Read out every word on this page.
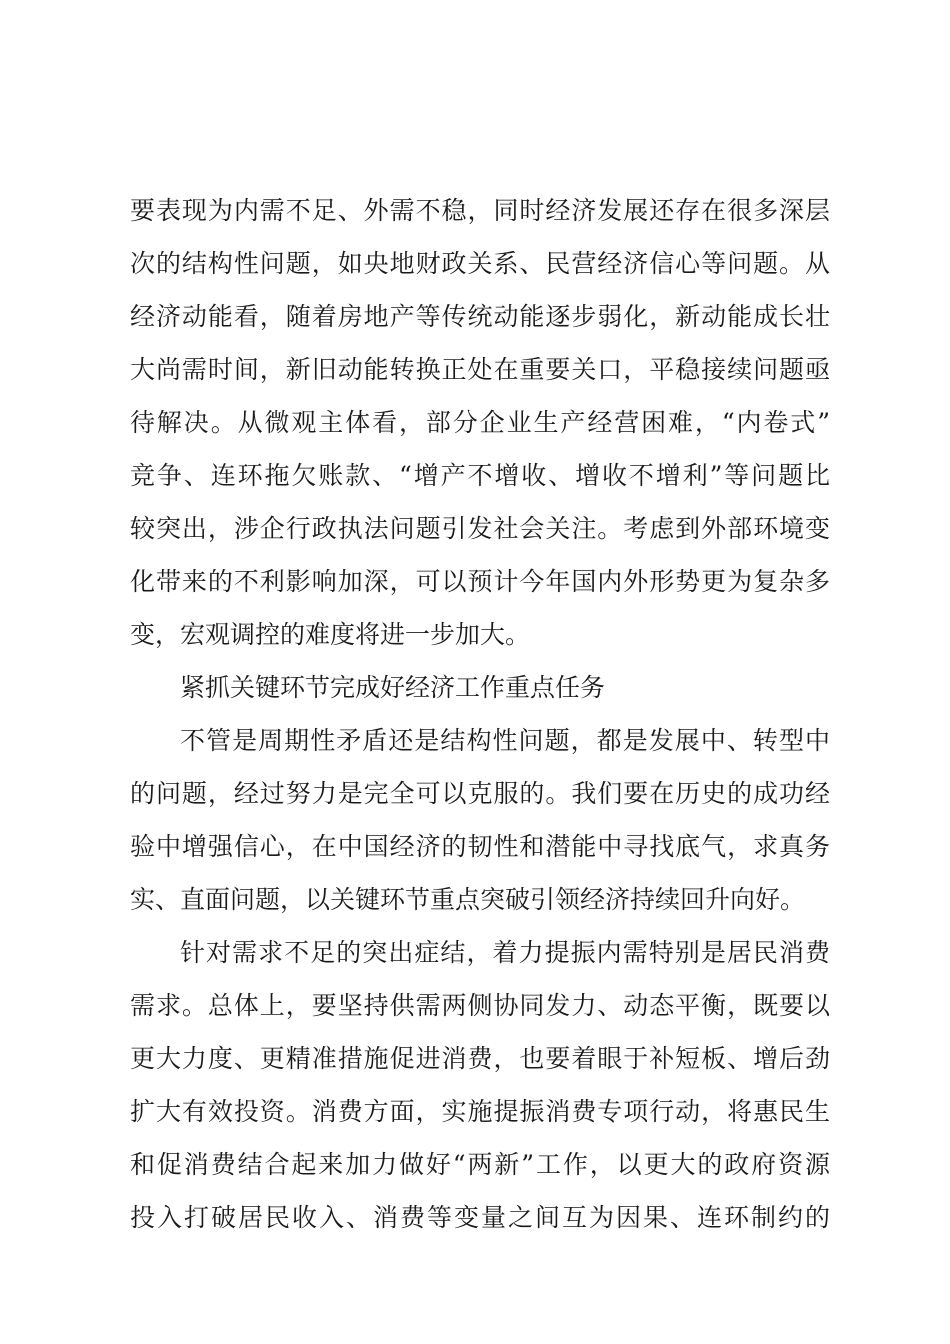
要表现为内需不足、外需不稳，同时经济发展还存在很多深层
次的结构性问题，如央地财政关系、民营经济信心等问题。从
经济动能看，随着房地产等传统动能逐步弱化，新动能成长壮
大尚需时间，新旧动能转换正处在重要关口，平稳接续问题亟
待解决。从微观主体看，部分企业生产经营困难，“内卷式”
竞争、连环拖欠账款、“增产不增收、增收不增利”等问题比
较突出，涉企行政执法问题引发社会关注。考虑到外部环境变
化带来的不利影响加深，可以预计今年国内外形势更为复杂多
变，宏观调控的难度将进一步加大。
紧抓关键环节完成好经济工作重点任务
不管是周期性矛盾还是结构性问题，都是发展中、转型中
的问题，经过努力是完全可以克服的。我们要在历史的成功经
验中增强信心，在中国经济的韧性和潜能中寻找底气，求真务
实、直面问题，以关键环节重点突破引领经济持续回升向好。
针对需求不足的突出症结，着力提振内需特别是居民消费
需求。总体上，要坚持供需两侧协同发力、动态平衡，既要以
更大力度、更精准措施促进消费，也要着眼于补短板、增后劲
扩大有效投资。消费方面，实施提振消费专项行动，将惠民生
和促消费结合起来加力做好“两新”工作，以更大的政府资源
投入打破居民收入、消费等变量之间互为因果、连环制约的
